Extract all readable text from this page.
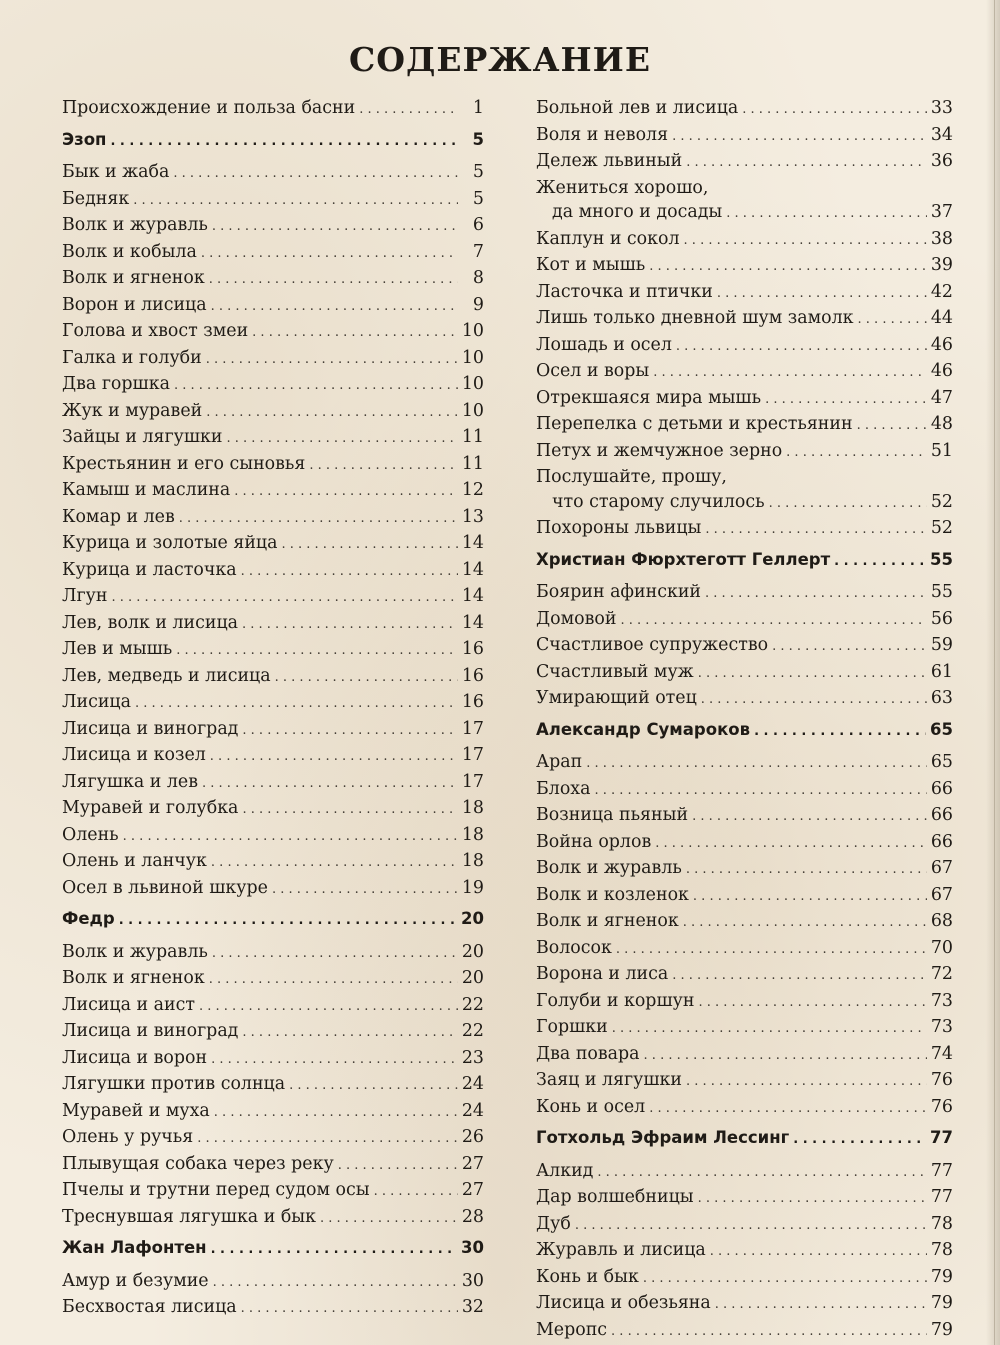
СОДЕРЖАНИЕ
Происхождение и польза басни . . .	1
Эзоп . . .	5
Бык и жаба . . .	5
Бедняк . . .	5
Волк и журавль . . .	6
Волк и кобыла . . .	7
Волк и ягненок . . .	8
Ворон и лисица . . .	9
Голова и хвост змеи . . .	10
Галка и голуби . . .	10
Два горшка . . .	10
Жук и муравей . . .	10
Зайцы и лягушки . . .	11
Крестьянин и его сыновья . . .	11
Камыш и маслина . . .	12
Комар и лев . . .	13
Курица и золотые яйца . . .	14
Курица и ласточка . . .	14
Лгун . . .	14
Лев, волк и лисица . . .	14
Лев и мышь . . .	16
Лев, медведь и лисица . . .	16
Лисица . . .	16
Лисица и виноград . . .	17
Лисица и козел . . .	17
Лягушка и лев . . .	17
Муравей и голубка . . .	18
Олень . . .	18
Олень и ланчук . . .	18
Осел в львиной шкуре . . .	19
Федр . . .	20
Волк и журавль . . .	20
Волк и ягненок . . .	20
Лисица и аист . . .	22
Лисица и виноград . . .	22
Лисица и ворон . . .	23
Лягушки против солнца . . .	24
Муравей и муха . . .	24
Олень у ручья . . .	26
Плывущая собака через реку . . .	27
Пчелы и трутни перед судом осы . . .	27
Треснувшая лягушка и бык . . .	28
Жан Лафонтен . . .	30
Амур и безумие . . .	30
Бесхвостая лисица . . .	32
Больной лев и лисица . . .	33
Воля и неволя . . .	34
Дележ львиный . . .	36
Жениться хорошо,
да много и досады . . .	37
Каплун и сокол . . .	38
Кот и мышь . . .	39
Ласточка и птички . . .	42
Лишь только дневной шум замолк . . .	44
Лошадь и осел . . .	46
Осел и воры . . .	46
Отрекшаяся мира мышь . . .	47
Перепелка с детьми и крестьянин . . .	48
Петух и жемчужное зерно . . .	51
Послушайте, прошу,
что старому случилось . . .	52
Похороны львицы . . .	52
Христиан Фюрхтеготт Геллерт . . .	55
Боярин афинский . . .	55
Домовой . . .	56
Счастливое супружество . . .	59
Счастливый муж . . .	61
Умирающий отец . . .	63
Александр Сумароков . . .	65
Арап . . .	65
Блоха . . .	66
Возница пьяный . . .	66
Война орлов . . .	66
Волк и журавль . . .	67
Волк и козленок . . .	67
Волк и ягненок . . .	68
Волосок . . .	70
Ворона и лиса . . .	72
Голуби и коршун . . .	73
Горшки . . .	73
Два повара . . .	74
Заяц и лягушки . . .	76
Конь и осел . . .	76
Готхольд Эфраим Лессинг . . .	77
Алкид . . .	77
Дар волшебницы . . .	77
Дуб . . .	78
Журавль и лисица . . .	78
Конь и бык . . .	79
Лисица и обезьяна . . .	79
Меропс . . .	79
